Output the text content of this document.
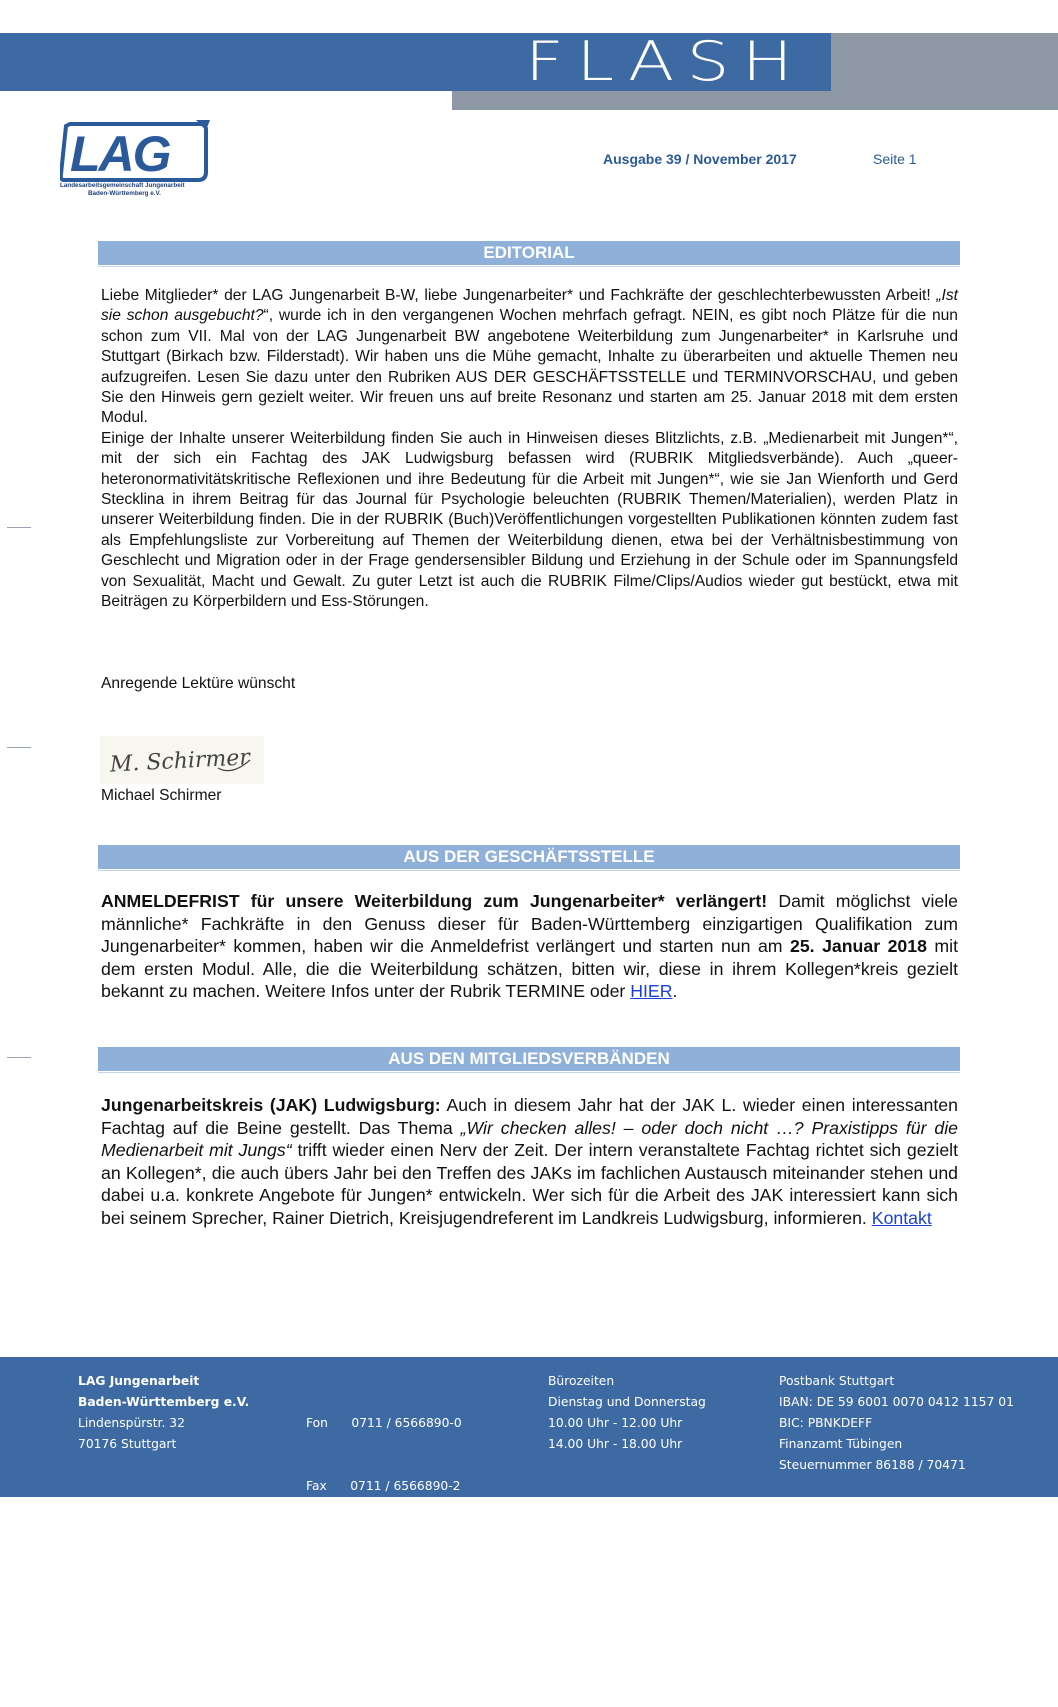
FLASH
LAG
Landesarbeitsgemeinschaft Jungenarbeit
Baden-Württemberg e.V.
Ausgabe 39 / November 2017	Seite 1
EDITORIAL

Liebe Mitglieder* der LAG Jungenarbeit B-W, liebe Jungenarbeiter* und Fachkräfte der geschlechterbewussten Arbeit! „Ist sie schon ausgebucht?“, wurde ich in den vergangenen Wochen mehrfach gefragt. NEIN, es gibt noch Plätze für die nun schon zum VII. Mal von der LAG Jungenarbeit BW angebotene Weiterbildung zum Jungenarbeiter* in Karlsruhe und Stuttgart (Birkach bzw. Filderstadt). Wir haben uns die Mühe gemacht, Inhalte zu überarbeiten und aktuelle Themen neu aufzugreifen. Lesen Sie dazu unter den Rubriken AUS DER GESCHÄFTSSTELLE und TERMINVORSCHAU, und geben Sie den Hinweis gern gezielt weiter. Wir freuen uns auf breite Resonanz und starten am 25. Januar 2018 mit dem ersten Modul.

Einige der Inhalte unserer Weiterbildung finden Sie auch in Hinweisen dieses Blitzlichts, z.B. „Medienarbeit mit Jungen*“, mit der sich ein Fachtag des JAK Ludwigsburg befassen wird (RUBRIK Mitgliedsverbände). Auch „queer-heteronormativitätskritische Reflexionen und ihre Bedeutung für die Arbeit mit Jungen*“, wie sie Jan Wienforth und Gerd Stecklina in ihrem Beitrag für das Journal für Psychologie beleuchten (RUBRIK Themen/Materialien), werden Platz in unserer Weiterbildung finden. Die in der RUBRIK (Buch)Veröffentlichungen vorgestellten Publikationen könnten zudem fast als Empfehlungsliste zur Vorbereitung auf Themen der Weiterbildung dienen, etwa bei der Verhältnisbestimmung von Geschlecht und Migration oder in der Frage gendersensibler Bildung und Erziehung in der Schule oder im Spannungsfeld von Sexualität, Macht und Gewalt. Zu guter Letzt ist auch die RUBRIK Filme/Clips/Audios wieder gut bestückt, etwa mit Beiträgen zu Körperbildern und Ess-Störungen.

Anregende Lektüre wünscht
M. Schirmer
Michael Schirmer
AUS DER GESCHÄFTSSTELLE

ANMELDEFRIST für unsere Weiterbildung zum Jungenarbeiter* verlängert! Damit möglichst viele männliche* Fachkräfte in den Genuss dieser für Baden-Württemberg einzigartigen Qualifikation zum Jungenarbeiter* kommen, haben wir die Anmeldefrist verlängert und starten nun am 25. Januar 2018 mit dem ersten Modul. Alle, die die Weiterbildung schätzen, bitten wir, diese in ihrem Kollegen*kreis gezielt bekannt zu machen. Weitere Infos unter der Rubrik TERMINE oder HIER.

AUS DEN MITGLIEDSVERBÄNDEN

Jungenarbeitskreis (JAK) Ludwigsburg: Auch in diesem Jahr hat der JAK L. wieder einen interessanten Fachtag auf die Beine gestellt. Das Thema „Wir checken alles! – oder doch nicht …? Praxistipps für die Medienarbeit mit Jungs“ trifft wieder einen Nerv der Zeit. Der intern veranstaltete Fachtag richtet sich gezielt an Kollegen*, die auch übers Jahr bei den Treffen des JAKs im fachlichen Austausch miteinander stehen und dabei u.a. konkrete Angebote für Jungen* entwickeln. Wer sich für die Arbeit des JAK interessiert kann sich bei seinem Sprecher, Rainer Dietrich, Kreisjugendreferent im Landkreis Ludwigsburg, informieren. Kontakt

LAG Jungenarbeit
Baden-Württemberg e.V.
Lindenspürstr. 32
70176 Stuttgart

Fon      0711 / 6566890-0

Fax      0711 / 6566890-2

Mobil   01523 / 3883029

info@lag-jungenarbeit.de

www.lag-jungenarbeit.de

Bürozeiten
Dienstag und Donnerstag
10.00 Uhr - 12.00 Uhr
14.00 Uhr - 18.00 Uhr
Postbank Stuttgart
IBAN: DE 59 6001 0070 0412 1157 01
BIC: PBNKDEFF
Finanzamt Tübingen
Steuernummer 86188 / 70471
